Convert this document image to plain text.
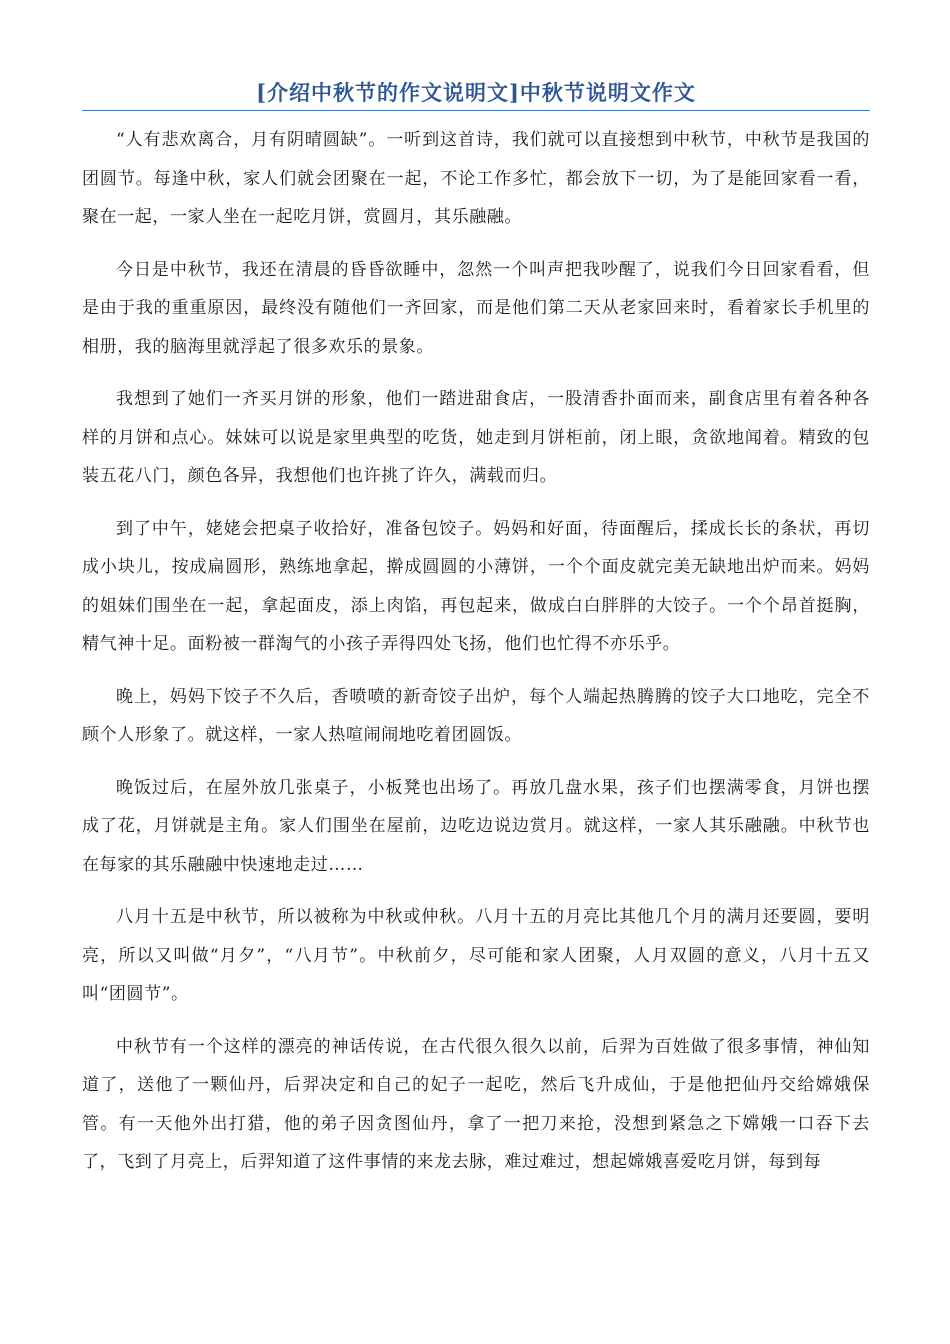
[介绍中秋节的作文说明文]中秋节说明文作文

“人有悲欢离合，月有阴晴圆缺”。一听到这首诗，我们就可以直接想到中秋节，中秋节是我国的团圆节。每逢中秋，家人们就会团聚在一起，不论工作多忙，都会放下一切，为了是能回家看一看，聚在一起，一家人坐在一起吃月饼，赏圆月，其乐融融。

今日是中秋节，我还在清晨的昏昏欲睡中，忽然一个叫声把我吵醒了，说我们今日回家看看，但是由于我的重重原因，最终没有随他们一齐回家，而是他们第二天从老家回来时，看着家长手机里的相册，我的脑海里就浮起了很多欢乐的景象。

我想到了她们一齐买月饼的形象，他们一踏进甜食店，一股清香扑面而来，副食店里有着各种各样的月饼和点心。妹妹可以说是家里典型的吃货，她走到月饼柜前，闭上眼，贪欲地闻着。精致的包装五花八门，颜色各异，我想他们也许挑了许久，满载而归。

到了中午，姥姥会把桌子收拾好，准备包饺子。妈妈和好面，待面醒后，揉成长长的条状，再切成小块儿，按成扁圆形，熟练地拿起，擀成圆圆的小薄饼，一个个面皮就完美无缺地出炉而来。妈妈的姐妹们围坐在一起，拿起面皮，添上肉馅，再包起来，做成白白胖胖的大饺子。一个个昂首挺胸，精气神十足。面粉被一群淘气的小孩子弄得四处飞扬，他们也忙得不亦乐乎。

晚上，妈妈下饺子不久后，香喷喷的新奇饺子出炉，每个人端起热腾腾的饺子大口地吃，完全不顾个人形象了。就这样，一家人热喧闹闹地吃着团圆饭。

晚饭过后，在屋外放几张桌子，小板凳也出场了。再放几盘水果，孩子们也摆满零食，月饼也摆成了花，月饼就是主角。家人们围坐在屋前，边吃边说边赏月。就这样，一家人其乐融融。中秋节也在每家的其乐融融中快速地走过……

八月十五是中秋节，所以被称为中秋或仲秋。八月十五的月亮比其他几个月的满月还要圆，要明亮，所以又叫做“月夕”，“八月节”。中秋前夕，尽可能和家人团聚，人月双圆的意义，八月十五又叫“团圆节”。

中秋节有一个这样的漂亮的神话传说，在古代很久很久以前，后羿为百姓做了很多事情，神仙知道了，送他了一颗仙丹，后羿决定和自己的妃子一起吃，然后飞升成仙，于是他把仙丹交给嫦娥保管。有一天他外出打猎，他的弟子因贪图仙丹，拿了一把刀来抢，没想到紧急之下嫦娥一口吞下去了，飞到了月亮上，后羿知道了这件事情的来龙去脉，难过难过，想起嫦娥喜爱吃月饼，每到每
